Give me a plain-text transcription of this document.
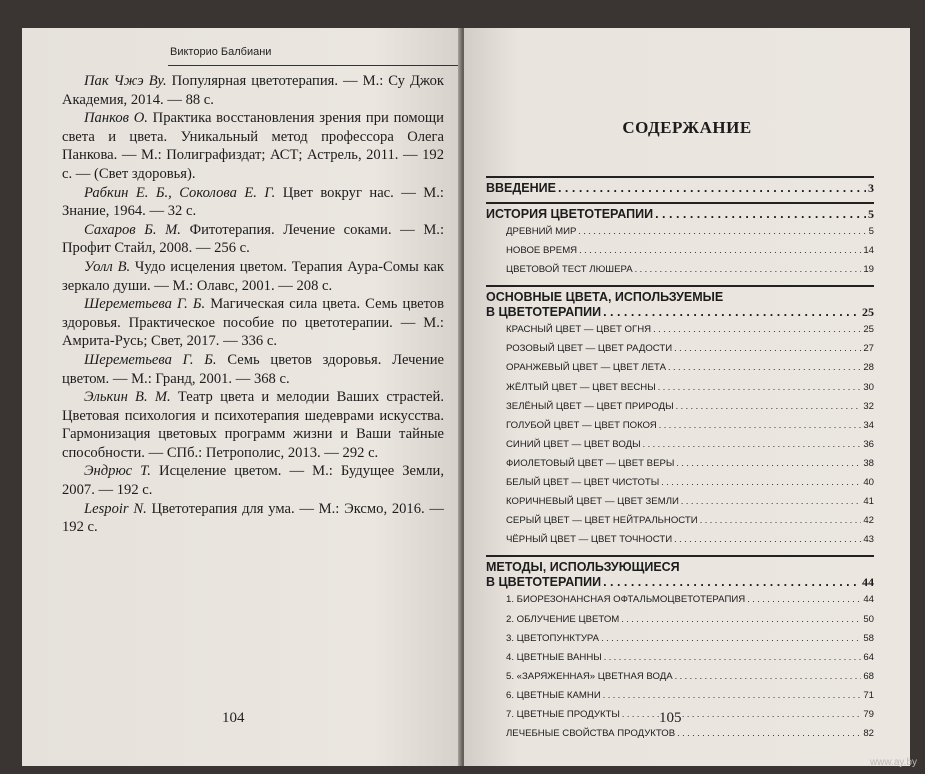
Викторио Балбиани

Пак Чжэ Ву. Популярная цветотерапия. — М.: Су Джок Академия, 2014. — 88 с.

Панков О. Практика восстановления зрения при помощи света и цвета. Уникальный метод профессора Олега Панкова. — М.: Полиграфиздат; АСТ; Астрель, 2011. — 192 с. — (Свет здоровья).

Рабкин Е. Б., Соколова Е. Г. Цвет вокруг нас. — М.: Знание, 1964. — 32 с.

Сахаров Б. М. Фитотерапия. Лечение соками. — М.: Профит Стайл, 2008. — 256 с.

Уолл В. Чудо исцеления цветом. Терапия Аура-Сомы как зеркало души. — М.: Олавс, 2001. — 208 с.

Шереметьева Г. Б. Магическая сила цвета. Семь цветов здоровья. Практическое пособие по цветотерапии. — М.: Амрита-Русь; Свет, 2017. — 336 с.

Шереметьева Г. Б. Семь цветов здоровья. Лечение цветом. — М.: Гранд, 2001. — 368 с.

Элькин В. М. Театр цвета и мелодии Ваших страстей. Цветовая психология и психотерапия шедеврами искусства. Гармонизация цветовых программ жизни и Ваши тайные способности. — СПб.: Петрополис, 2013. — 292 с.

Эндрюс Т. Исцеление цветом. — М.: Будущее Земли, 2007. — 192 с.

Lespoir N. Цветотерапия для ума. — М.: Эксмо, 2016. — 192 с.

104
СОДЕРЖАНИЕ
ВВЕДЕНИЕ . . .	3
ИСТОРИЯ ЦВЕТОТЕРАПИИ . . .	5
ДРЕВНИЙ МИР . . .	5
НОВОЕ ВРЕМЯ . . .	14
ЦВЕТОВОЙ ТЕСТ ЛЮШЕРА . . .	19
ОСНОВНЫЕ ЦВЕТА, ИСПОЛЬЗУЕМЫЕ
В ЦВЕТОТЕРАПИИ . . .	25
КРАСНЫЙ ЦВЕТ — ЦВЕТ ОГНЯ . . .	25
РОЗОВЫЙ ЦВЕТ — ЦВЕТ РАДОСТИ . . .	27
ОРАНЖЕВЫЙ ЦВЕТ — ЦВЕТ ЛЕТА . . .	28
ЖЁЛТЫЙ ЦВЕТ — ЦВЕТ ВЕСНЫ . . .	30
ЗЕЛЁНЫЙ ЦВЕТ — ЦВЕТ ПРИРОДЫ . . .	32
ГОЛУБОЙ ЦВЕТ — ЦВЕТ ПОКОЯ . . .	34
СИНИЙ ЦВЕТ — ЦВЕТ ВОДЫ . . .	36
ФИОЛЕТОВЫЙ ЦВЕТ — ЦВЕТ ВЕРЫ . . .	38
БЕЛЫЙ ЦВЕТ — ЦВЕТ ЧИСТОТЫ . . .	40
КОРИЧНЕВЫЙ ЦВЕТ — ЦВЕТ ЗЕМЛИ . . .	41
СЕРЫЙ ЦВЕТ — ЦВЕТ НЕЙТРАЛЬНОСТИ . . .	42
ЧЁРНЫЙ ЦВЕТ — ЦВЕТ ТОЧНОСТИ . . .	43
МЕТОДЫ, ИСПОЛЬЗУЮЩИЕСЯ
В ЦВЕТОТЕРАПИИ . . .	44
1. БИОРЕЗОНАНСНАЯ ОФТАЛЬМОЦВЕТОТЕРАПИЯ . . .	44
2. ОБЛУЧЕНИЕ ЦВЕТОМ . . .	50
3. ЦВЕТОПУНКТУРА . . .	58
4. ЦВЕТНЫЕ ВАННЫ . . .	64
5. «ЗАРЯЖЕННАЯ» ЦВЕТНАЯ ВОДА . . .	68
6. ЦВЕТНЫЕ КАМНИ . . .	71
7. ЦВЕТНЫЕ ПРОДУКТЫ . . .	79
ЛЕЧЕБНЫЕ СВОЙСТВА ПРОДУКТОВ . . .	82
105
www.ay.by
